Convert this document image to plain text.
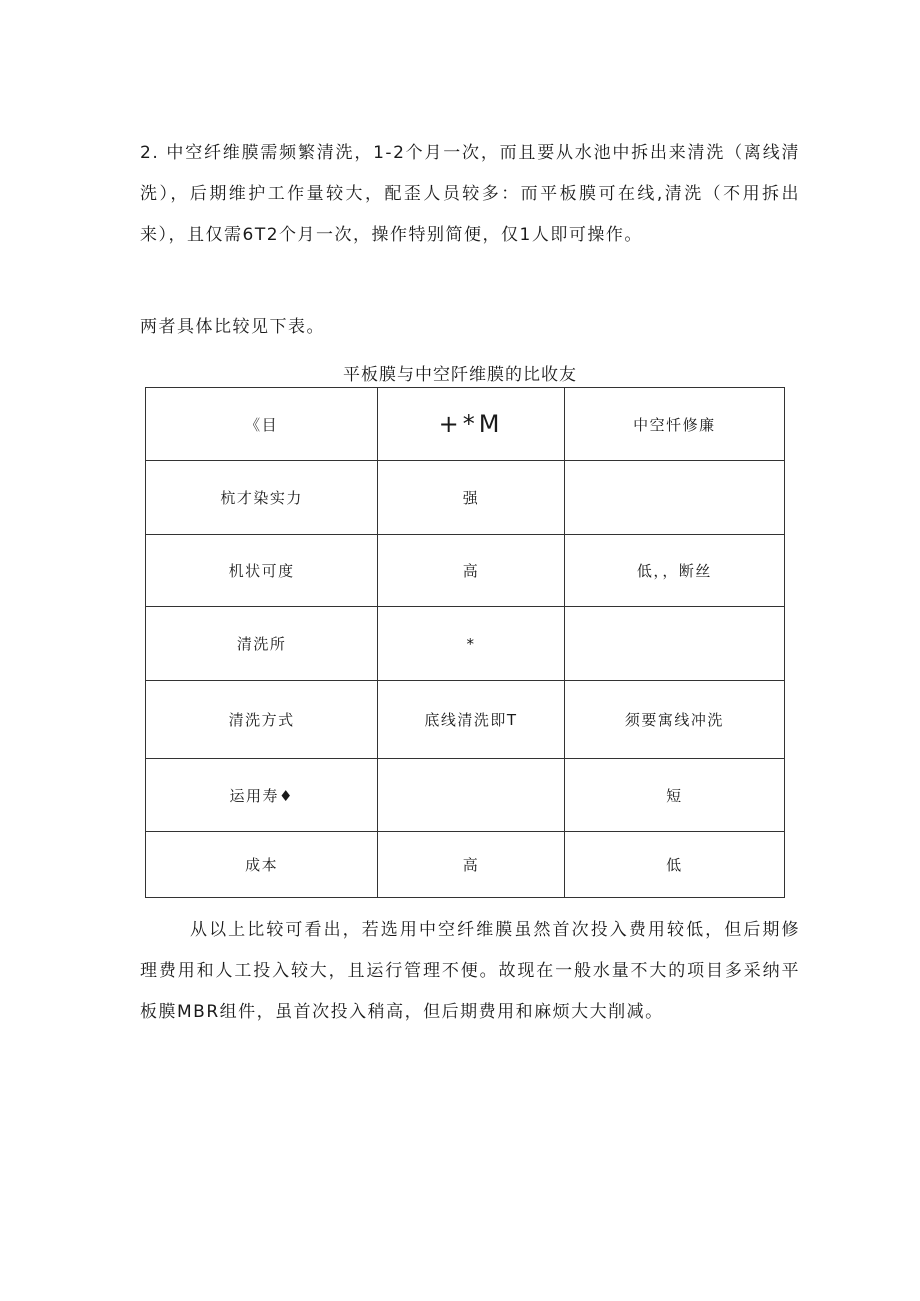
2. 中空纤维膜需频繁清洗，1-2个月一次，而且要从水池中拆出来清洗（离线清洗），后期维护工作量较大，配歪人员较多：而平板膜可在线,清洗（不用拆出来），且仅需6T2个月一次，操作特别简便，仅1人即可操作。

两者具体比较见下表。

平板膜与中空阡维膜的比收友

《目	+*M	中空忏修廉
杭才染实力	强	
机状可度	高	低，，断丝
清洗所	*	
清洗方式	底线清洗即T	须要寓线冲洗
运用寿♦		短
成本	高	低

从以上比较可看出，若选用中空纤维膜虽然首次投入费用较低，但后期修理费用和人工投入较大，且运行管理不便。故现在一般水量不大的项目多采纳平板膜MBR组件，虽首次投入稍高，但后期费用和麻烦大大削减。
